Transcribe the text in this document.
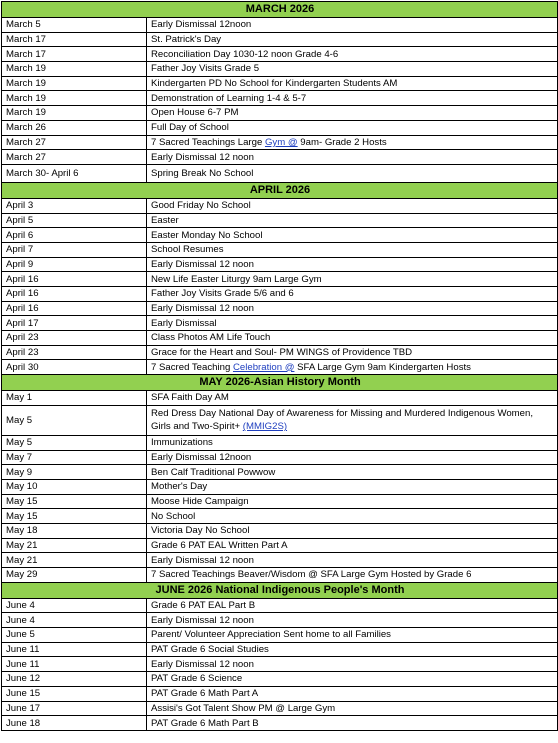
MARCH 2026	
March 5	Early Dismissal 12noon
March 17	St. Patrick's Day
March 17	Reconciliation Day 1030-12 noon Grade 4-6
March 19	Father Joy Visits Grade 5
March 19	Kindergarten PD No School for Kindergarten Students AM
March 19	Demonstration of Learning 1-4 & 5-7
March 19	Open House 6-7 PM
March 26	Full Day of School
March 27	7 Sacred Teachings Large Gym @ 9am- Grade 2 Hosts
March 27	Early Dismissal 12 noon
March 30- April 6	Spring Break No School
APRIL 2026	
April 3	Good Friday No School
April 5	Easter
April 6	Easter Monday No School
April 7	School Resumes
April 9	Early Dismissal 12 noon
April 16	New Life Easter Liturgy 9am Large Gym
April 16	Father Joy Visits Grade 5/6 and 6
April 16	Early Dismissal 12 noon
April 17	Early Dismissal
April 23	Class Photos AM Life Touch
April 23	Grace for the Heart and Soul- PM WINGS of Providence TBD
April 30	7 Sacred Teaching Celebration @ SFA Large Gym 9am Kindergarten Hosts
MAY 2026-Asian History Month	
May 1	SFA Faith Day AM
May 5	Red Dress Day National Day of Awareness for Missing and Murdered Indigenous Women, Girls and Two-Spirit+ (MMIG2S)
May 5	Immunizations
May 7	Early Dismissal 12noon
May 9	Ben Calf Traditional Powwow
May 10	Mother's Day
May 15	Moose Hide Campaign
May 15	No School
May 18	Victoria Day No School
May 21	Grade 6 PAT EAL Written Part A
May 21	Early Dismissal 12 noon
May 29	7 Sacred Teachings Beaver/Wisdom @ SFA Large Gym Hosted by Grade 6
JUNE 2026 National Indigenous People's Month	
June 4	Grade 6 PAT EAL Part B
June 4	Early Dismissal 12 noon
June 5	Parent/ Volunteer Appreciation Sent home to all Families
June 11	PAT Grade 6 Social Studies
June 11	Early Dismissal 12 noon
June 12	PAT Grade 6 Science
June 15	PAT Grade 6 Math Part A
June 17	Assisi's Got Talent Show PM @ Large Gym
June 18	PAT Grade 6 Math Part B
